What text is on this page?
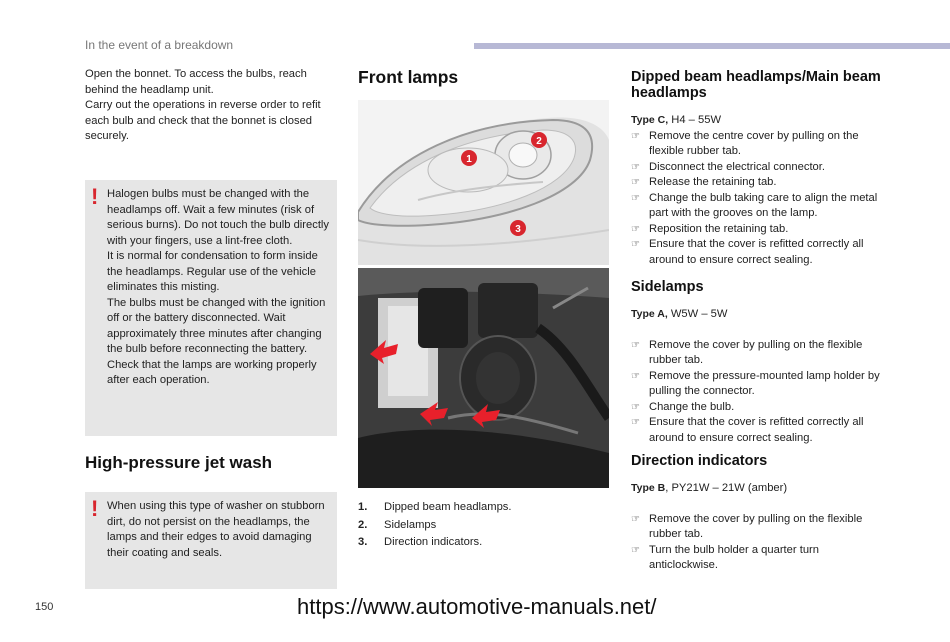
In the event of a breakdown

Open the bonnet. To access the bulbs, reach behind the headlamp unit.

Carry out the operations in reverse order to refit each bulb and check that the bonnet is closed securely.

! Halogen bulbs must be changed with the headlamps off. Wait a few minutes (risk of serious burns). Do not touch the bulb directly with your fingers, use a lint-free cloth.

It is normal for condensation to form inside the headlamps. Regular use of the vehicle eliminates this misting.

The bulbs must be changed with the ignition off or the battery disconnected. Wait approximately three minutes after changing the bulb before reconnecting the battery.

Check that the lamps are working properly after each operation.

High-pressure jet wash
! When using this type of washer on stubborn dirt, do not persist on the headlamps, the lamps and their edges to avoid damaging their coating and seals.

Front lamps
1
2
3
1.	Dipped beam headlamps.
2.	Sidelamps
3.	Direction indicators.
Dipped beam headlamps/Main beam headlamps
Type C, H4 – 55W
☞ Remove the centre cover by pulling on the flexible rubber tab.
☞ Disconnect the electrical connector.
☞ Release the retaining tab.
☞ Change the bulb taking care to align the metal part with the grooves on the lamp.
☞ Reposition the retaining tab.
☞ Ensure that the cover is refitted correctly all around to ensure correct sealing.
Sidelamps
Type A, W5W – 5W
☞ Remove the cover by pulling on the flexible rubber tab.
☞ Remove the pressure-mounted lamp holder by pulling the connector.
☞ Change the bulb.
☞ Ensure that the cover is refitted correctly all around to ensure correct sealing.
Direction indicators
Type B, PY21W – 21W (amber)
☞ Remove the cover by pulling on the flexible rubber tab.
☞ Turn the bulb holder a quarter turn anticlockwise.
150	https://www.automotive-manuals.net/
